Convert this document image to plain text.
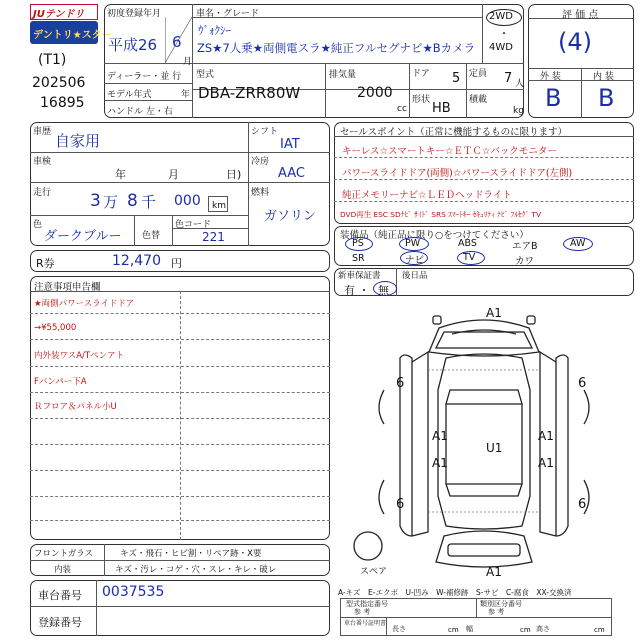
JUテンドリ
デントリ★スター
(T1)
202506
16895
初度登録年月
平成26 6
月
車名・グレード
ｳﾞｫｸｼｰ
ZS★7人乗★両側電スラ★純正フルセグナビ★Bカメラ
2WD
・
4WD
ディーラー・並 行
モデル年式	年
ハンドル 左・右
型式
DBA-ZRR80W
排気量
2000
cc
ドア 5
形状
HB
定員 7 人
積載
kg
評 価 点
(4)
外 装	内 装
B B
車歴 自家用
車検
年	月	日)
走行 3 万 8 千 000 km
色
ダークブルー 色替
色コード
221
シフト
IAT
冷房
AAC
燃料
ガソリン
R券	12,470 円
セールスポイント（正常に機能するものに限ります）
キーレス☆スマートキー☆ＥＴＣ☆バックモニター
パワースライドドア(両側)☆パワースライドドア(左側)
純正メモリーナビ☆ＬＥＤヘッドライト
DVD再生 ESC SDﾅﾋﾞ ｻｲﾄﾞ SRS ｽﾏｰﾄｷｰ ｾｷｭﾘﾃｨ ﾅﾋﾞ ﾌﾙｾｸﾞ TV
装備品（純正品に限り○をつけてください）
PS	PW	ABS	エアB	AW
SR	ナビ	TV	カワ
新車保証書
有 ・ 無
後日品
注意事項申告欄
★両側パワースライドドア
→¥55,000
内外装ワスA/Tペンアト
Fバンパー下A
Ｒフロア＆パネル小U
フロントガラス	キズ・飛石・ヒビ割・リペア跡・X要
内装	キズ・汚レ・コゲ・穴・スレ・キレ・破レ
車台番号 0037535
登録番号
A1
A1
A1
U1
A1
A1
A1
6	6
6	6
スペア
A-キズ　E-エクボ　U-凹み　W-補修跡　S-サビ　C-腐食　XX-交換済
型式指定番号
参 考
類別区分番号
参 考
車台番号証明書
長さ	cm 幅	cm 高さ	cm
